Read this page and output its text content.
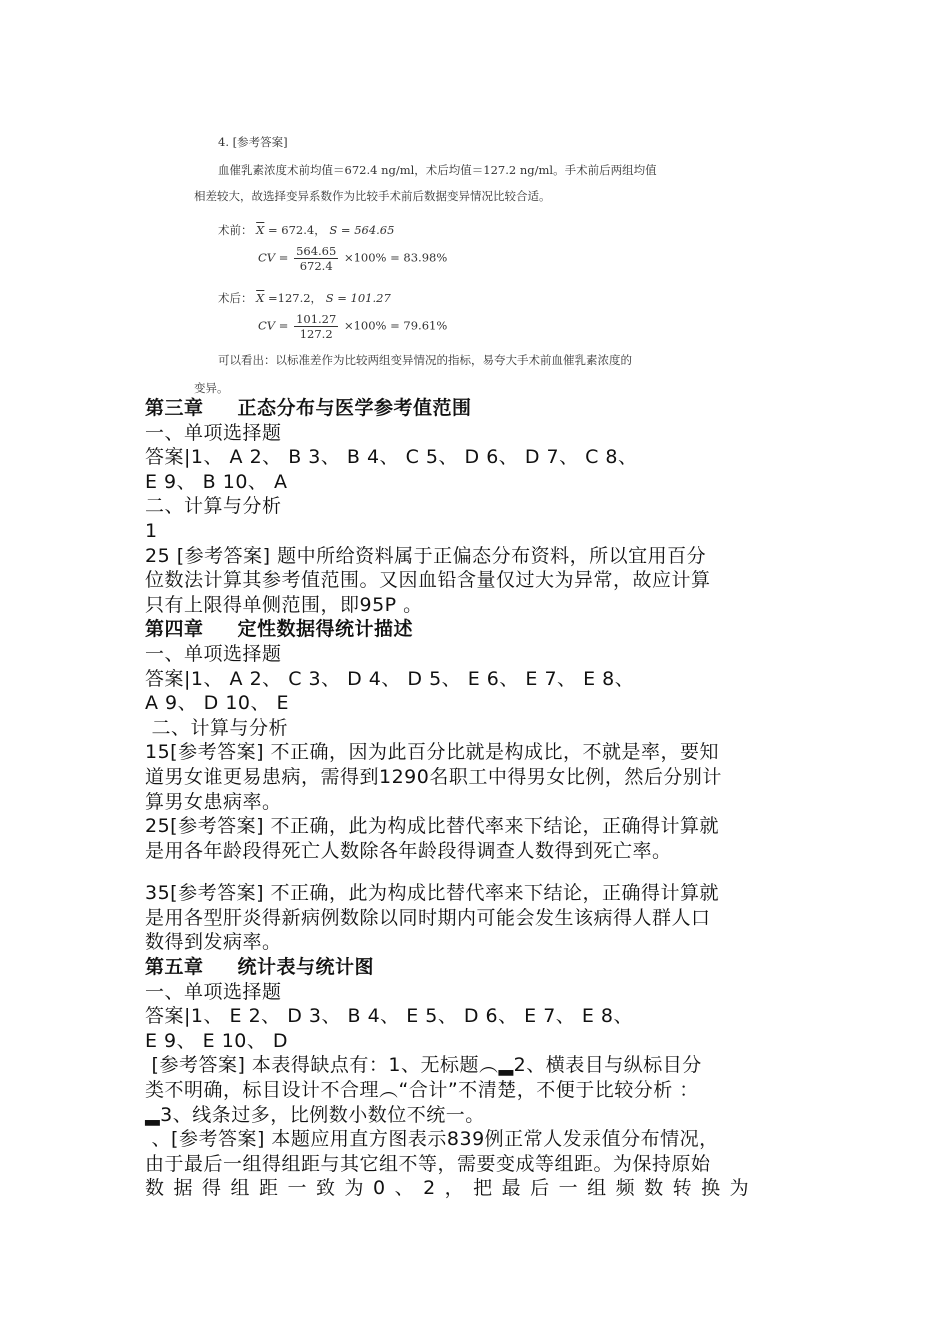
4. [参考答案]
血催乳素浓度术前均值＝672.4 ng/ml，术后均值＝127.2 ng/ml。手术前后两组均值
相差较大，故选择变异系数作为比较手术前后数据变异情况比较合适。
术前： $\overline{X} = 672.4$， S = 564.65
CV = $\frac{564.65}{672.4} \times 100\% = 83.98\%$
术后： $\overline{X} =127.2$， S = 101.27
CV = $\frac{101.27}{127.2} \times 100\% = 79.61\%$
可以看出：以标准差作为比较两组变异情况的指标，易夸大手术前血催乳素浓度的
变异。
第三章 正态分布与医学参考值范围
一、单项选择题
答案|1、 A 2、 B 3、 B 4、 C 5、 D 6、 D 7、 C 8、
E 9、 B 10、 A
二、计算与分析
1
25 [参考答案] 题中所给资料属于正偏态分布资料，所以宜用百分
位数法计算其参考值范围。又因血铅含量仅过大为异常，故应计算
只有上限得单侧范围，即95P 。
第四章 定性数据得统计描述
一、单项选择题
答案|1、 A 2、 C 3、 D 4、 D 5、 E 6、 E 7、 E 8、
A 9、 D 10、 E
二、计算与分析
15[参考答案] 不正确，因为此百分比就是构成比，不就是率，要知
道男女谁更易患病，需得到1290名职工中得男女比例，然后分别计
算男女患病率。
25[参考答案] 不正确，此为构成比替代率来下结论，正确得计算就
是用各年龄段得死亡人数除各年龄段得调查人数得到死亡率。
35[参考答案] 不正确，此为构成比替代率来下结论，正确得计算就
是用各型肝炎得新病例数除以同时期内可能会发生该病得人群人口
数得到发病率。
第五章 统计表与统计图
一、单项选择题
答案|1、 E 2、 D 3、 B 4、 E 5、 D 6、 E 7、 E 8、
E 9、 E 10、 D
[参考答案] 本表得缺点有：1、无标题︵▂2、横表目与纵标目分
类不明确，标目设计不合理︵“合计”不清楚，不便于比较分析 ：
▂3、线条过多，比例数小数位不统一。
、[参考答案] 本题应用直方图表示839例正常人发汞值分布情况，
由于最后一组得组距与其它组不等，需要变成等组距。为保持原始
数据得组距一致为0、2，把最后一组频数转换为
